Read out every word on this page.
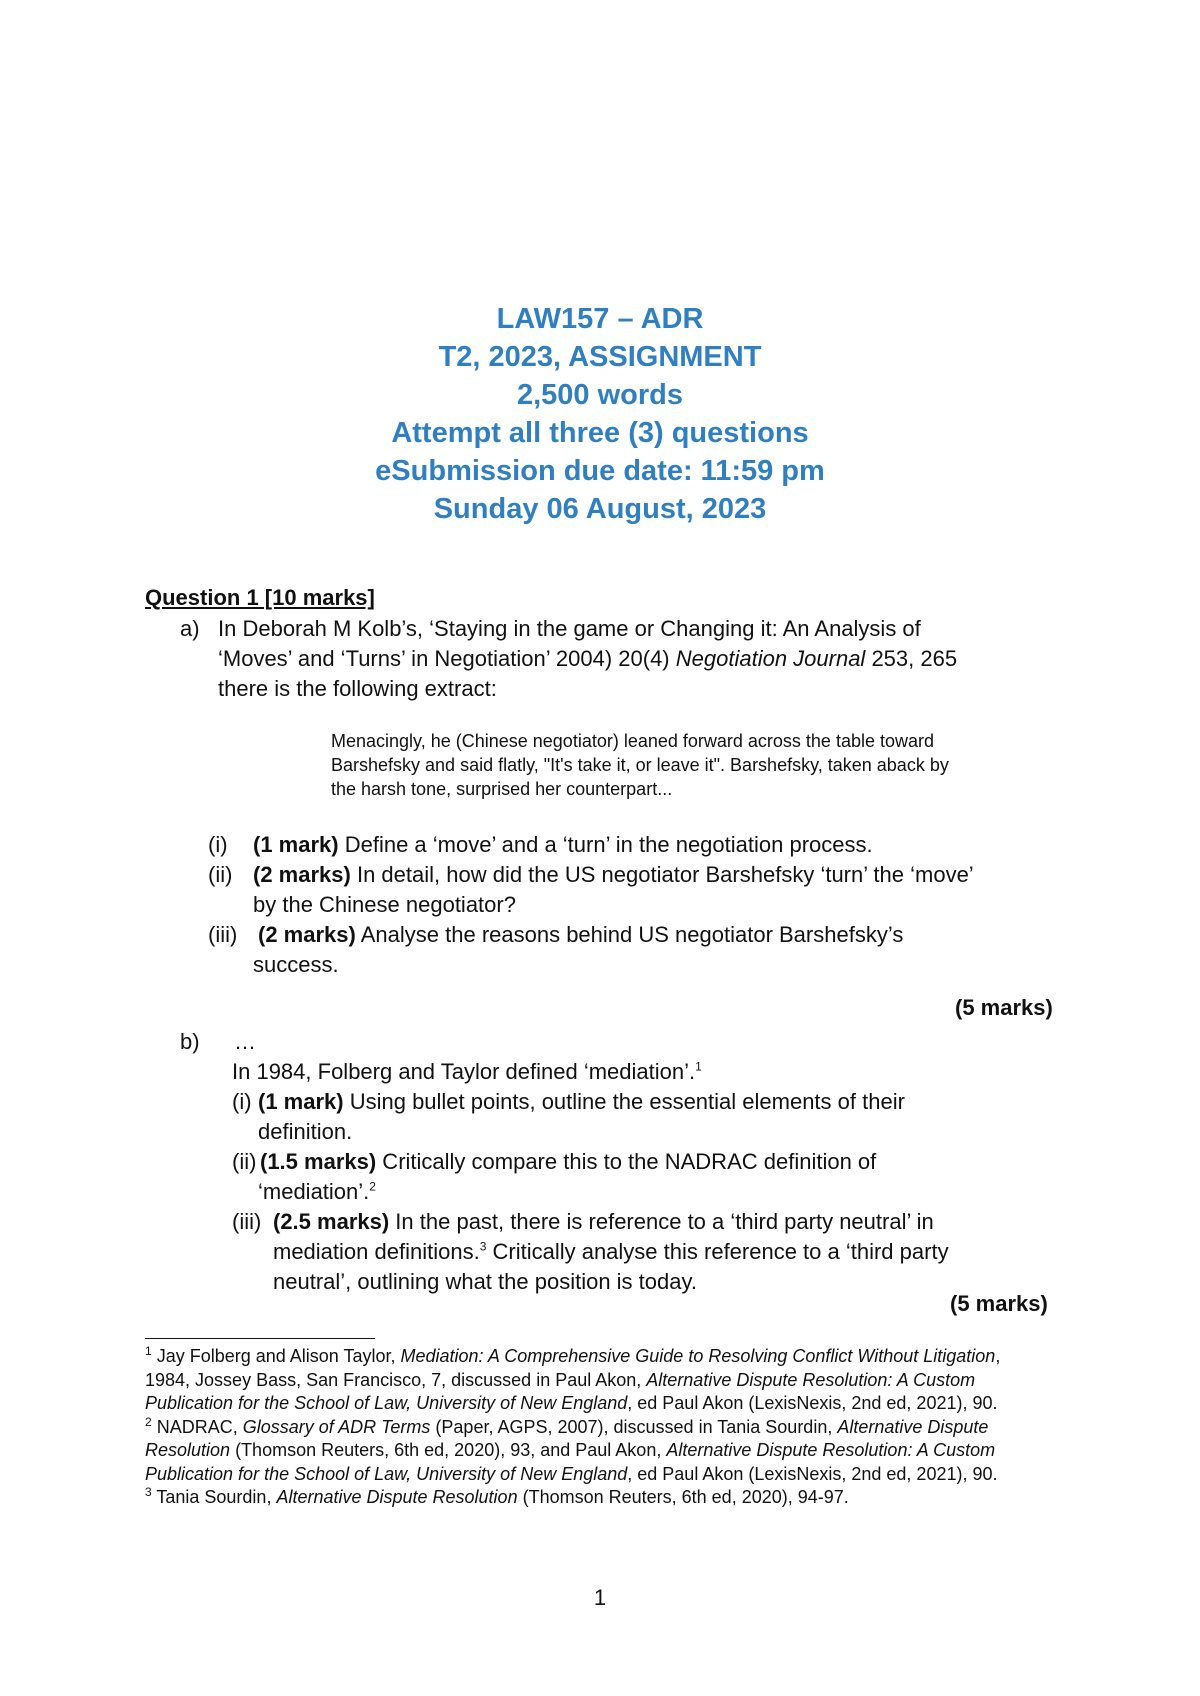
LAW157 – ADR
T2, 2023, ASSIGNMENT
2,500 words
Attempt all three (3) questions
eSubmission due date: 11:59 pm
Sunday 06 August, 2023
Question 1 [10 marks]
a) In Deborah M Kolb’s, ‘Staying in the game or Changing it: An Analysis of
‘Moves’ and ‘Turns’ in Negotiation’ 2004) 20(4) Negotiation Journal 253, 265
there is the following extract:
Menacingly, he (Chinese negotiator) leaned forward across the table toward
Barshefsky and said flatly, "It's take it, or leave it". Barshefsky, taken aback by
the harsh tone, surprised her counterpart...
(i) (1 mark) Define a ‘move’ and a ‘turn’ in the negotiation process.
(ii) (2 marks) In detail, how did the US negotiator Barshefsky ‘turn’ the ‘move’
by the Chinese negotiator?
(iii) (2 marks) Analyse the reasons behind US negotiator Barshefsky’s
success.
(5 marks)
b) …
In 1984, Folberg and Taylor defined ‘mediation’.$^1$
(i) (1 mark) Using bullet points, outline the essential elements of their
definition.
(ii) (1.5 marks) Critically compare this to the NADRAC definition of
‘mediation’.$^2$
(iii) (2.5 marks) In the past, there is reference to a ‘third party neutral’ in
mediation definitions.$^3$ Critically analyse this reference to a ‘third party
neutral’, outlining what the position is today.
(5 marks)

$^1$ Jay Folberg and Alison Taylor, Mediation: A Comprehensive Guide to Resolving Conflict Without Litigation, 1984, Jossey Bass, San Francisco, 7, discussed in Paul Akon, Alternative Dispute Resolution: A Custom Publication for the School of Law, University of New England, ed Paul Akon (LexisNexis, 2nd ed, 2021), 90.

$^2$ NADRAC, Glossary of ADR Terms (Paper, AGPS, 2007), discussed in Tania Sourdin, Alternative Dispute Resolution (Thomson Reuters, 6th ed, 2020), 93, and Paul Akon, Alternative Dispute Resolution: A Custom Publication for the School of Law, University of New England, ed Paul Akon (LexisNexis, 2nd ed, 2021), 90.

$^3$ Tania Sourdin, Alternative Dispute Resolution (Thomson Reuters, 6th ed, 2020), 94-97.

1
